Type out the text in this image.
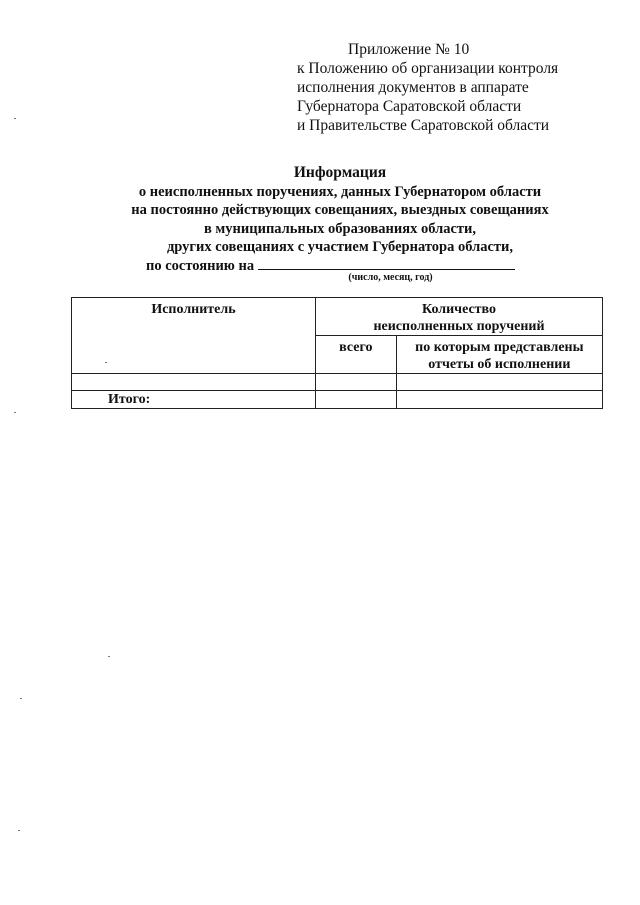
Приложение № 10
к Положению об организации контроля
исполнения документов в аппарате
Губернатора Саратовской области
и Правительстве Саратовской области
Информация
о неисполненных поручениях, данных Губернатором области
на постоянно действующих совещаниях, выездных совещаниях
в муниципальных образованиях области,
других совещаниях с участием Губернатора области,
по состоянию на
(число, месяц, год)
Исполнитель	Количество
неисполненных поручений	

	всего	по которым представлены
отчеты об исполнении

Итого:		
